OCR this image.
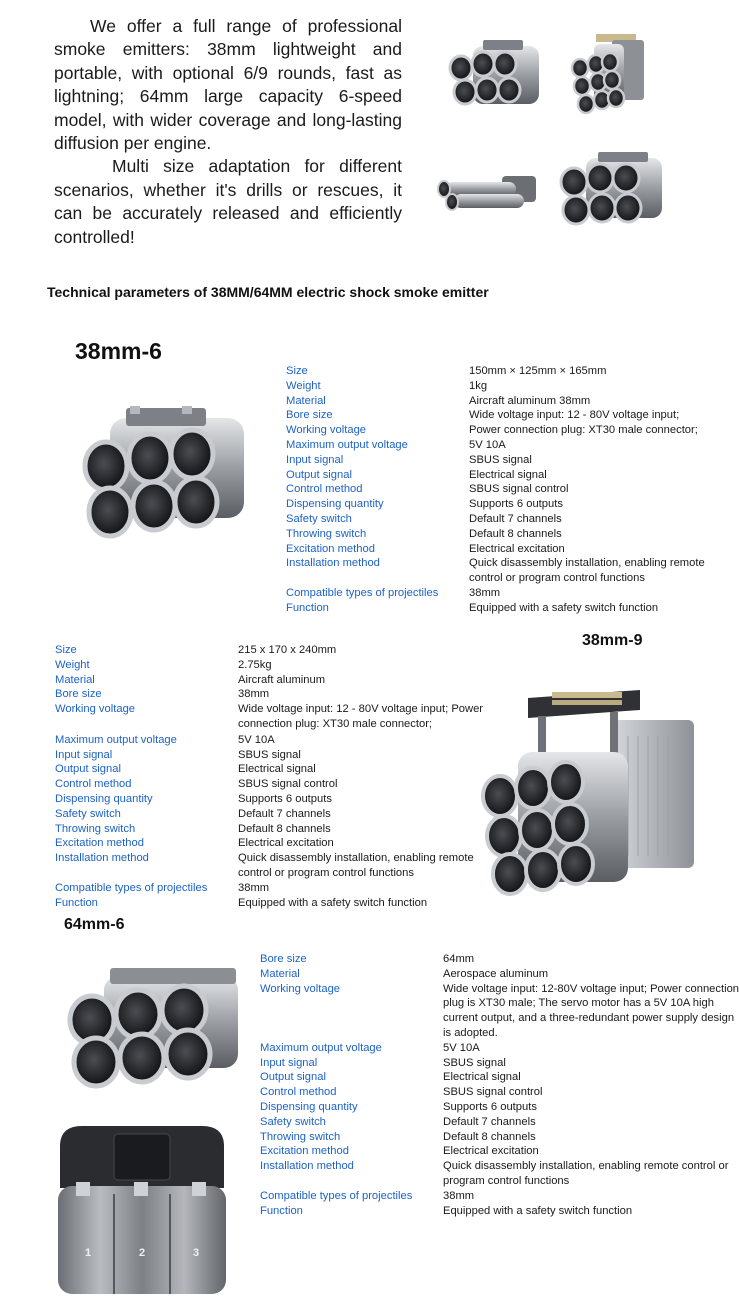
We offer a full range of professional smoke emitters: 38mm lightweight and portable, with optional 6/9 rounds, fast as lightning; 64mm large capacity 6-speed model, with wider coverage and long-lasting diffusion per engine.

Multi size adaptation for different scenarios, whether it's drills or rescues, it can be accurately released and efficiently controlled!

Technical parameters of 38MM/64MM electric shock smoke emitter
38mm-6
Size	150mm × 125mm × 165mm
Weight	1kg
Material	Aircraft aluminum 38mm
Bore size	Wide voltage input: 12 - 80V voltage input;
Working voltage	Power connection plug: XT30 male connector;
Maximum output voltage	5V 10A
Input signal	SBUS signal
Output signal	Electrical signal
Control method	SBUS signal control
Dispensing quantity	Supports 6 outputs
Safety switch	Default 7 channels
Throwing switch	Default 8 channels
Excitation method	Electrical excitation
Installation method	Quick disassembly installation, enabling remote control or program control functions
Compatible types of projectiles	38mm
Function	Equipped with a safety switch function
38mm-9
Size	215 x 170 x 240mm
Weight	2.75kg
Material	Aircraft aluminum
Bore size	38mm
Working voltage	Wide voltage input: 12 - 80V voltage input; Power connection plug: XT30 male connector;
Maximum output voltage	5V 10A
Input signal	SBUS signal
Output signal	Electrical signal
Control method	SBUS signal control
Dispensing quantity	Supports 6 outputs
Safety switch	Default 7 channels
Throwing switch	Default 8 channels
Excitation method	Electrical excitation
Installation method	Quick disassembly installation, enabling remote control or program control functions
Compatible types of projectiles	38mm
Function	Equipped with a safety switch function
64mm-6
1	2	3
Bore size	64mm
Material	Aerospace aluminum
Working voltage	Wide voltage input: 12-80V voltage input; Power connection plug is XT30 male; The servo motor has a 5V 10A high current output, and a three-redundant power supply design is adopted.
Maximum output voltage	5V 10A
Input signal	SBUS signal
Output signal	Electrical signal
Control method	SBUS signal control
Dispensing quantity	Supports 6 outputs
Safety switch	Default 7 channels
Throwing switch	Default 8 channels
Excitation method	Electrical excitation
Installation method	Quick disassembly installation, enabling remote control or program control functions
Compatible types of projectiles	38mm
Function	Equipped with a safety switch function
